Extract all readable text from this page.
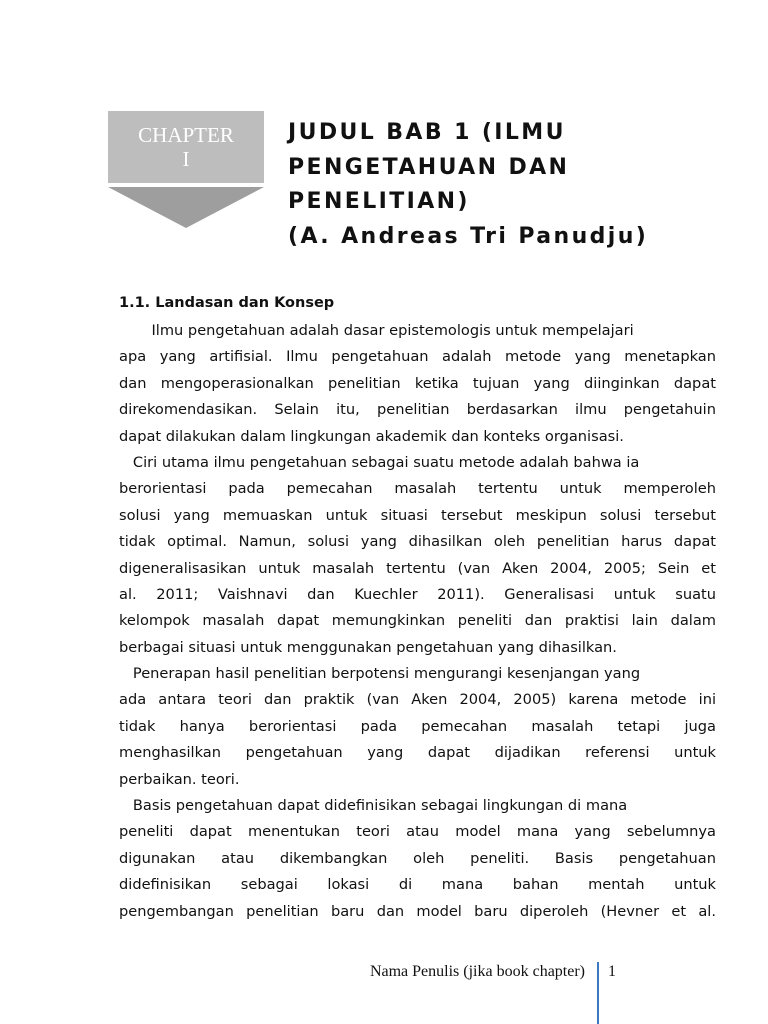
CHAPTER
I
JUDUL BAB 1 (ILMU
PENGETAHUAN DAN
PENELITIAN)
(A. Andreas Tri Panudju)
1.1. Landasan dan Konsep
Ilmu pengetahuan adalah dasar epistemologis untuk mempelajari
apa yang artifisial. Ilmu pengetahuan adalah metode yang menetapkan
dan mengoperasionalkan penelitian ketika tujuan yang diinginkan dapat
direkomendasikan. Selain itu, penelitian berdasarkan ilmu pengetahuin
dapat dilakukan dalam lingkungan akademik dan konteks organisasi.
Ciri utama ilmu pengetahuan sebagai suatu metode adalah bahwa ia
berorientasi pada pemecahan masalah tertentu untuk memperoleh
solusi yang memuaskan untuk situasi tersebut meskipun solusi tersebut
tidak optimal. Namun, solusi yang dihasilkan oleh penelitian harus dapat
digeneralisasikan untuk masalah tertentu (van Aken 2004, 2005; Sein et
al. 2011; Vaishnavi dan Kuechler 2011). Generalisasi untuk suatu
kelompok masalah dapat memungkinkan peneliti dan praktisi lain dalam
berbagai situasi untuk menggunakan pengetahuan yang dihasilkan.
Penerapan hasil penelitian berpotensi mengurangi kesenjangan yang
ada antara teori dan praktik (van Aken 2004, 2005) karena metode ini
tidak hanya berorientasi pada pemecahan masalah tetapi juga
menghasilkan pengetahuan yang dapat dijadikan referensi untuk
perbaikan. teori.
Basis pengetahuan dapat didefinisikan sebagai lingkungan di mana
peneliti dapat menentukan teori atau model mana yang sebelumnya
digunakan atau dikembangkan oleh peneliti. Basis pengetahuan
didefinisikan sebagai lokasi di mana bahan mentah untuk
pengembangan penelitian baru dan model baru diperoleh (Hevner et al.
Nama Penulis (jika book chapter) 1
